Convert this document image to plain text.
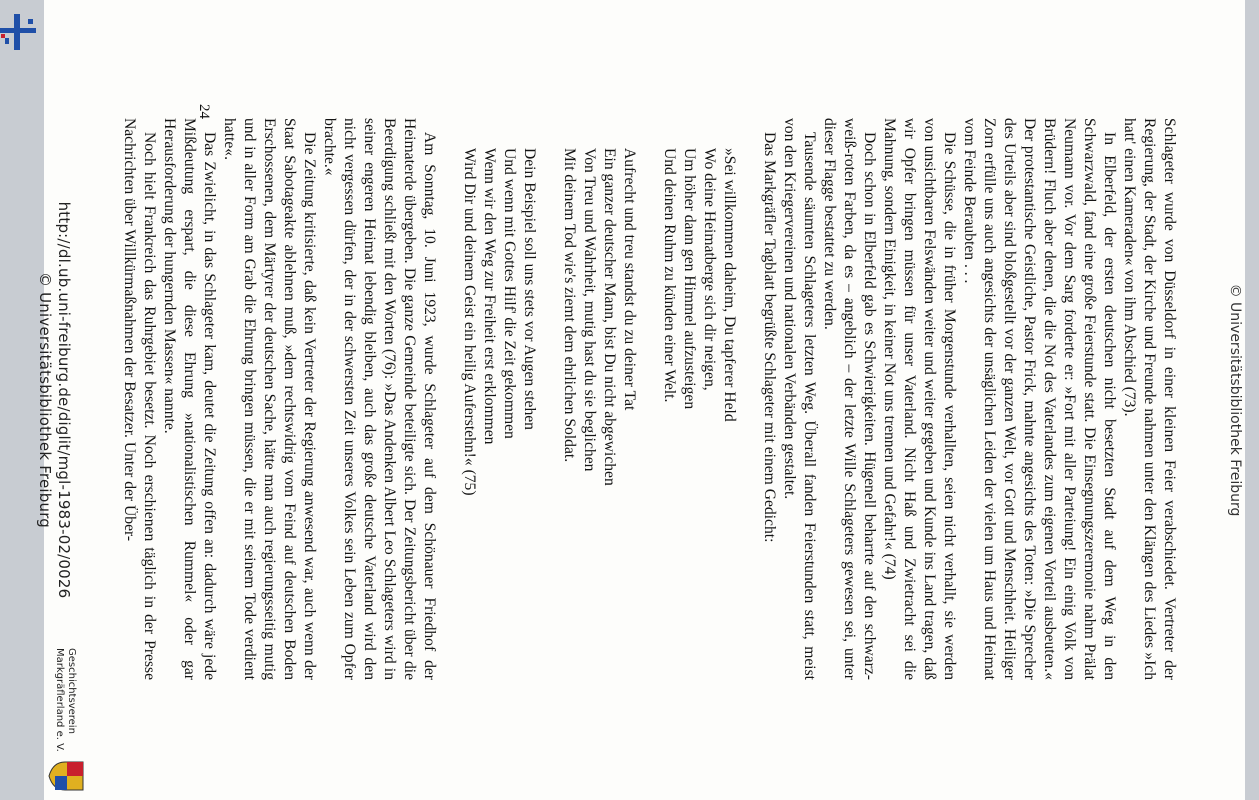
© Universitätsbibliothek Freiburg

Schlageter wurde von Düsseldorf in einer kleinen Feier verabschiedet. Vertreter der Regierung, der Stadt, der Kirche und Freunde nahmen unter den Klängen des Liedes »Ich hatt' einen Kameraden« von ihm Abschied (73).

In Elberfeld, der ersten deutschen nicht besetzten Stadt auf dem Weg in den Schwarzwald, fand eine große Feierstunde statt. Die Einsegnungszeremonie nahm Prälat Neumann vor. Vor dem Sarg forderte er: »Fort mit aller Parteiung! Ein einig Volk von Brüdern! Fluch aber denen, die die Not des Vaterlandes zum eigenen Vorteil ausbeuten.« Der protestantische Geistliche, Pastor Frick, mahnte angesichts des Toten: »Die Sprecher des Urteils aber sind bloßgestellt vor der ganzen Welt, vor Gott und Menschheit. Heiliger Zorn erfülle uns auch angesichts der unsäglichen Leiden der vielen um Haus und Heimat vom Feinde Beraubten . . .

Die Schüsse, die in früher Morgenstunde verhallten, seien nicht verhallt, sie werden von unsichtbaren Felswänden weiter und weiter gegeben und Kunde ins Land tragen, daß wir Opfer bringen müssen für unser Vaterland. Nicht Haß und Zwietracht sei die Mahnung, sondern Einigkeit, in keiner Not uns trennen und Gefahr!« (74)

Doch schon in Elberfeld gab es Schwierigkeiten. Hügenell beharrte auf den schwarz-weiß-roten Farben, da es – angeblich – der letzte Wille Schlageters gewesen sei, unter dieser Flagge bestattet zu werden.

Tausende säumten Schlageters letzten Weg. Überall fanden Feierstunden statt, meist von den Kriegervereinen und nationalen Verbänden gestaltet.

Das Markgräfler Tagblatt begrüßte Schlageter mit einem Gedicht:

»Sei willkommen daheim, Du tapferer Held
Wo deine Heimatberge sich dir neigen,
Um höher dann gen Himmel aufzusteigen
Und deinen Ruhm zu künden einer Welt.
Aufrecht und treu standst du zu deiner Tat
Ein ganzer deutscher Mann, bist Du nicht abgewichen
Von Treu und Wahrheit, mutig hast du sie beglichen
Mit deinem Tod wie's ziemt dem ehrlichen Soldat.
Dein Beispiel soll uns stets vor Augen stehen
Und wenn mit Gottes Hilf' die Zeit gekommen
Wenn wir den Weg zur Freiheit erst erklommen
Wird Dir und deinem Geist ein heilig Auferstehn!« (75)

Am Sonntag, 10. Juni 1923, wurde Schlageter auf dem Schönauer Friedhof der Heimaterde übergeben. Die ganze Gemeinde beteiligte sich. Der Zeitungsbericht über die Beerdigung schließt mit den Worten (76): »Das Andenken Albert Leo Schlageters wird in seiner engeren Heimat lebendig bleiben, auch das große deutsche Vaterland wird den nicht vergessen dürfen, der in der schwersten Zeit unseres Volkes sein Leben zum Opfer brachte.«

Die Zeitung kritisierte, daß kein Vertreter der Regierung anwesend war, auch wenn der Staat Sabotageakte ablehnen muß, »dem rechtswidrig vom Feind auf deutschen Boden Erschossenen, dem Märtyrer der deutschen Sache, hätte man auch regierungsseitig mutig und in aller Form am Grab die Ehrung bringen müssen, die er mit seinem Tode verdient hatte«.

Das Zwielicht, in das Schlageter kam, deutet die Zeitung offen an: dadurch wäre jede Mißdeutung erspart, die diese Ehrung »nationalistischen Rummel« oder gar Herausforderung der hungernden Massen« nannte.

Noch hielt Frankreich das Ruhrgebiet besetzt. Noch erschienen täglich in der Presse Nachrichten über Willkürmaßnahmen der Besatzer. Unter der Über-

24
http://dl.ub.uni-freiburg.de/diglit/mgl-1983-02/0026
© Universitätsbibliothek Freiburg
Geschichtsverein
Markgräflerland e. V.
